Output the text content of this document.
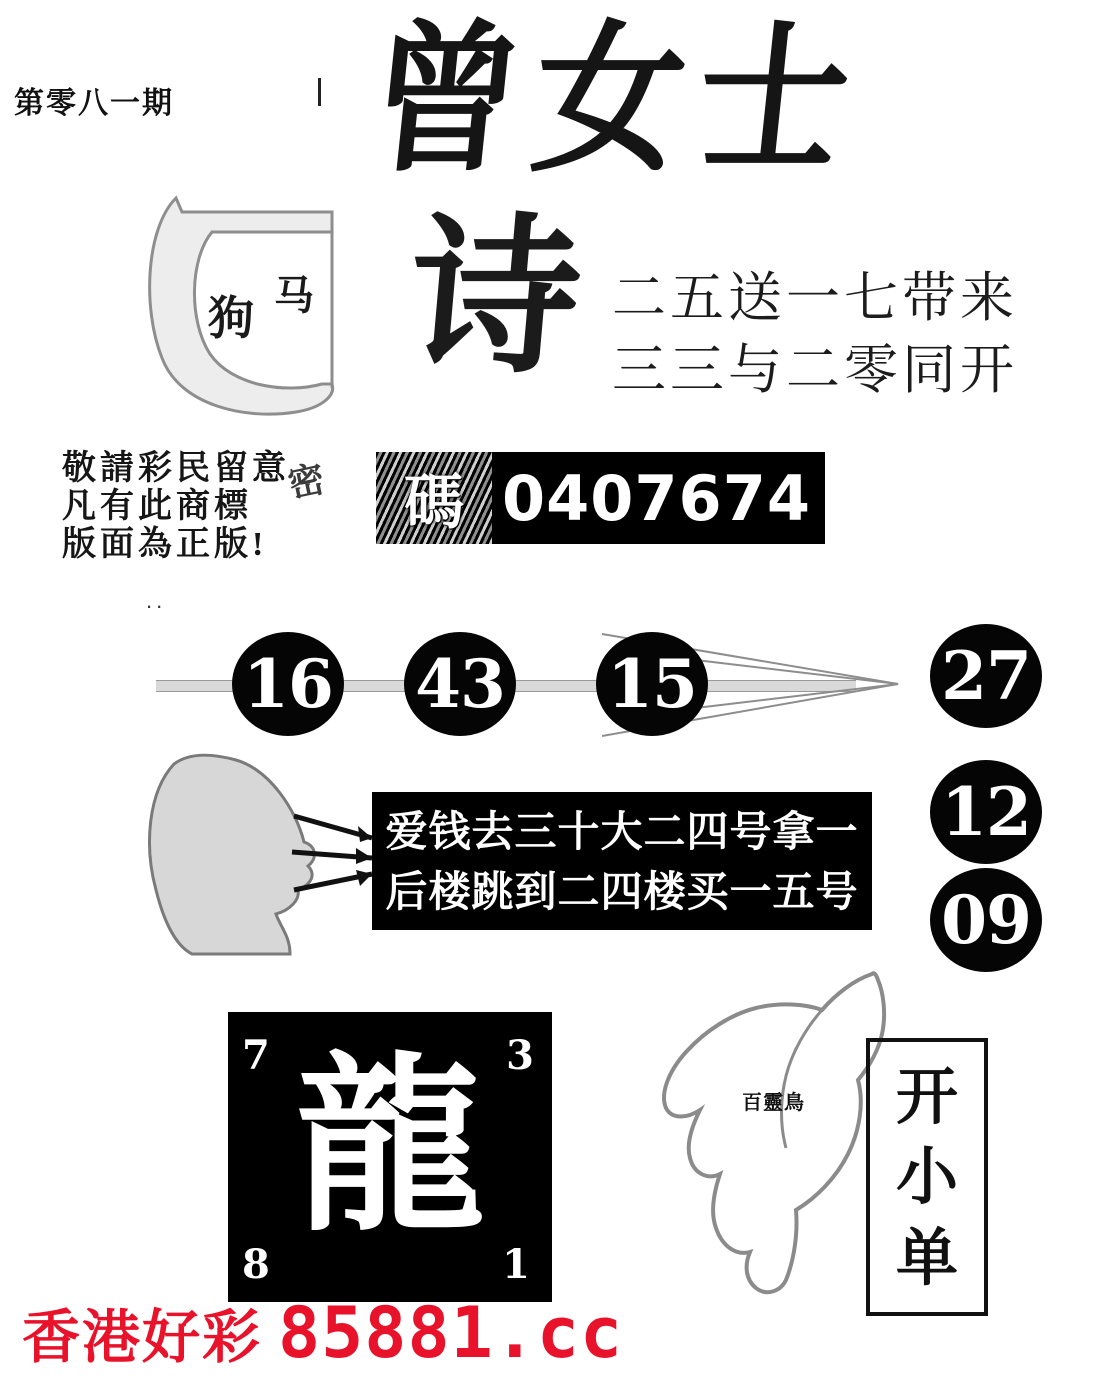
第零八一期 曾女士
狗 马 诗 二五送一七带来
三三与二零同开
敬請彩民留意
凡有此商標
版面為正版!
密	碼 0407674
..
16 43 15	27
12
09
爱钱去三十大二四号拿一
后楼跳到二四楼买一五号
7	3
龍
8	1
百靈鳥 开
小
单
香港好彩 85881.cc
